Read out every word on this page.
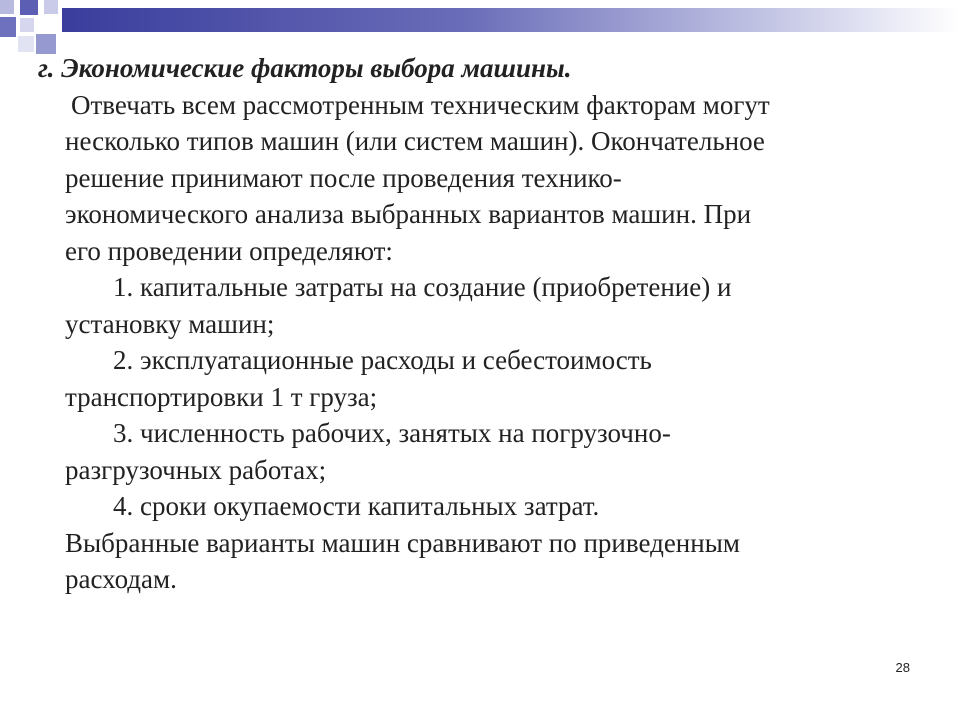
г. Экономические факторы выбора машины.

Отвечать всем рассмотренным техническим факторам могут
несколько типов машин (или систем машин). Окончательное
решение принимают после проведения технико-
экономического анализа выбранных вариантов машин. При
его проведении определяют:
1. капитальные затраты на создание (приобретение) и
установку машин;
2. эксплуатационные расходы и себестоимость
транспортировки 1 т груза;
3. численность рабочих, занятых на погрузочно-
разгрузочных работах;
4. сроки окупаемости капитальных затрат.
Выбранные варианты машин сравнивают по приведенным
расходам.
28
